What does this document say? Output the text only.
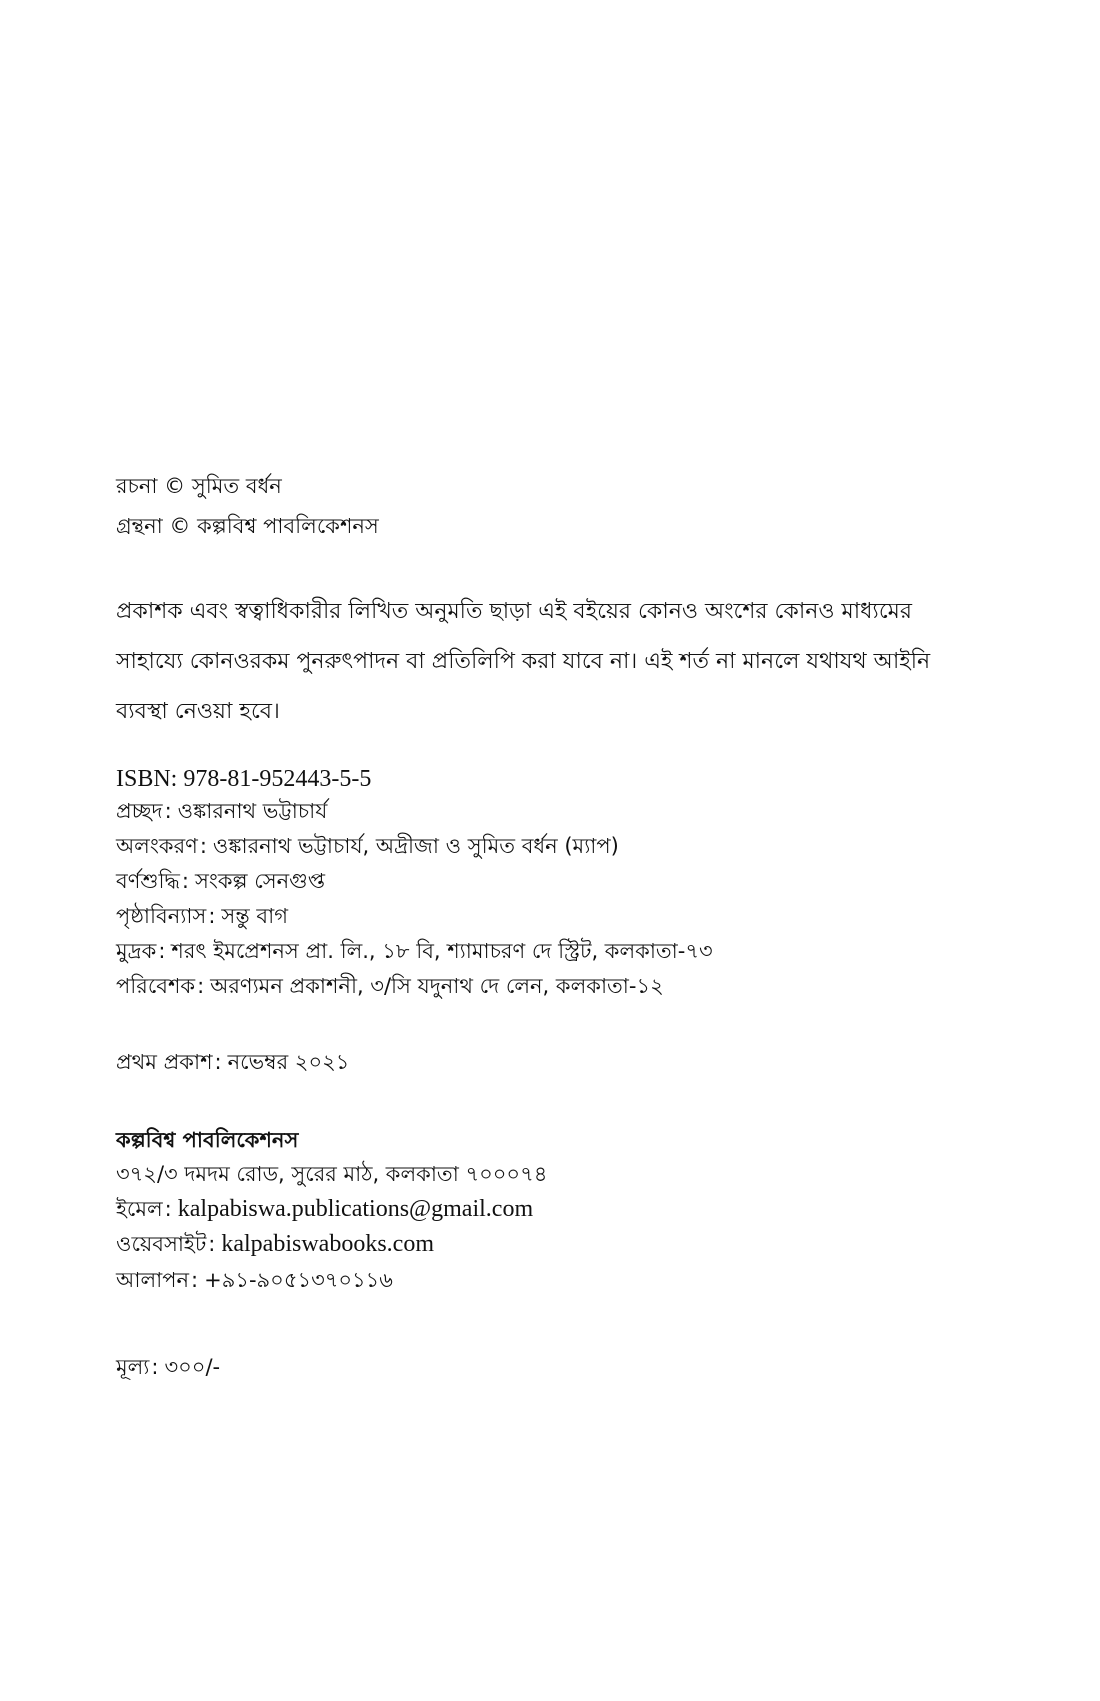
রচনা © সুমিত বর্ধন
গ্রন্থনা © কল্পবিশ্ব পাবলিকেশনস
প্রকাশক এবং স্বত্বাধিকারীর লিখিত অনুমতি ছাড়া এই বইয়ের কোনও অংশের কোনও মাধ্যমের সাহায্যে কোনওরকম পুনরুৎপাদন বা প্রতিলিপি করা যাবে না। এই শর্ত না মানলে যথাযথ আইনি ব্যবস্থা নেওয়া হবে।
ISBN: 978-81-952443-5-5
প্রচ্ছদ: ওঙ্কারনাথ ভট্টাচার্য
অলংকরণ: ওঙ্কারনাথ ভট্টাচার্য, অদ্রীজা ও সুমিত বর্ধন (ম্যাপ)
বর্ণশুদ্ধি: সংকল্প সেনগুপ্ত
পৃষ্ঠাবিন্যাস: সন্তু বাগ
মুদ্রক: শরৎ ইমপ্রেশনস প্রা. লি., ১৮ বি, শ্যামাচরণ দে স্ট্রিট, কলকাতা-৭৩
পরিবেশক: অরণ্যমন প্রকাশনী, ৩/সি যদুনাথ দে লেন, কলকাতা-১২
প্রথম প্রকাশ: নভেম্বর ২০২১
কল্পবিশ্ব পাবলিকেশনস
৩৭২/৩ দমদম রোড, সুরের মাঠ, কলকাতা ৭০০০৭৪
ইমেল: kalpabiswa.publications@gmail.com
ওয়েবসাইট: kalpabiswabooks.com
আলাপন: +৯১-৯০৫১৩৭০১১৬
মূল্য: ৩০০/-
